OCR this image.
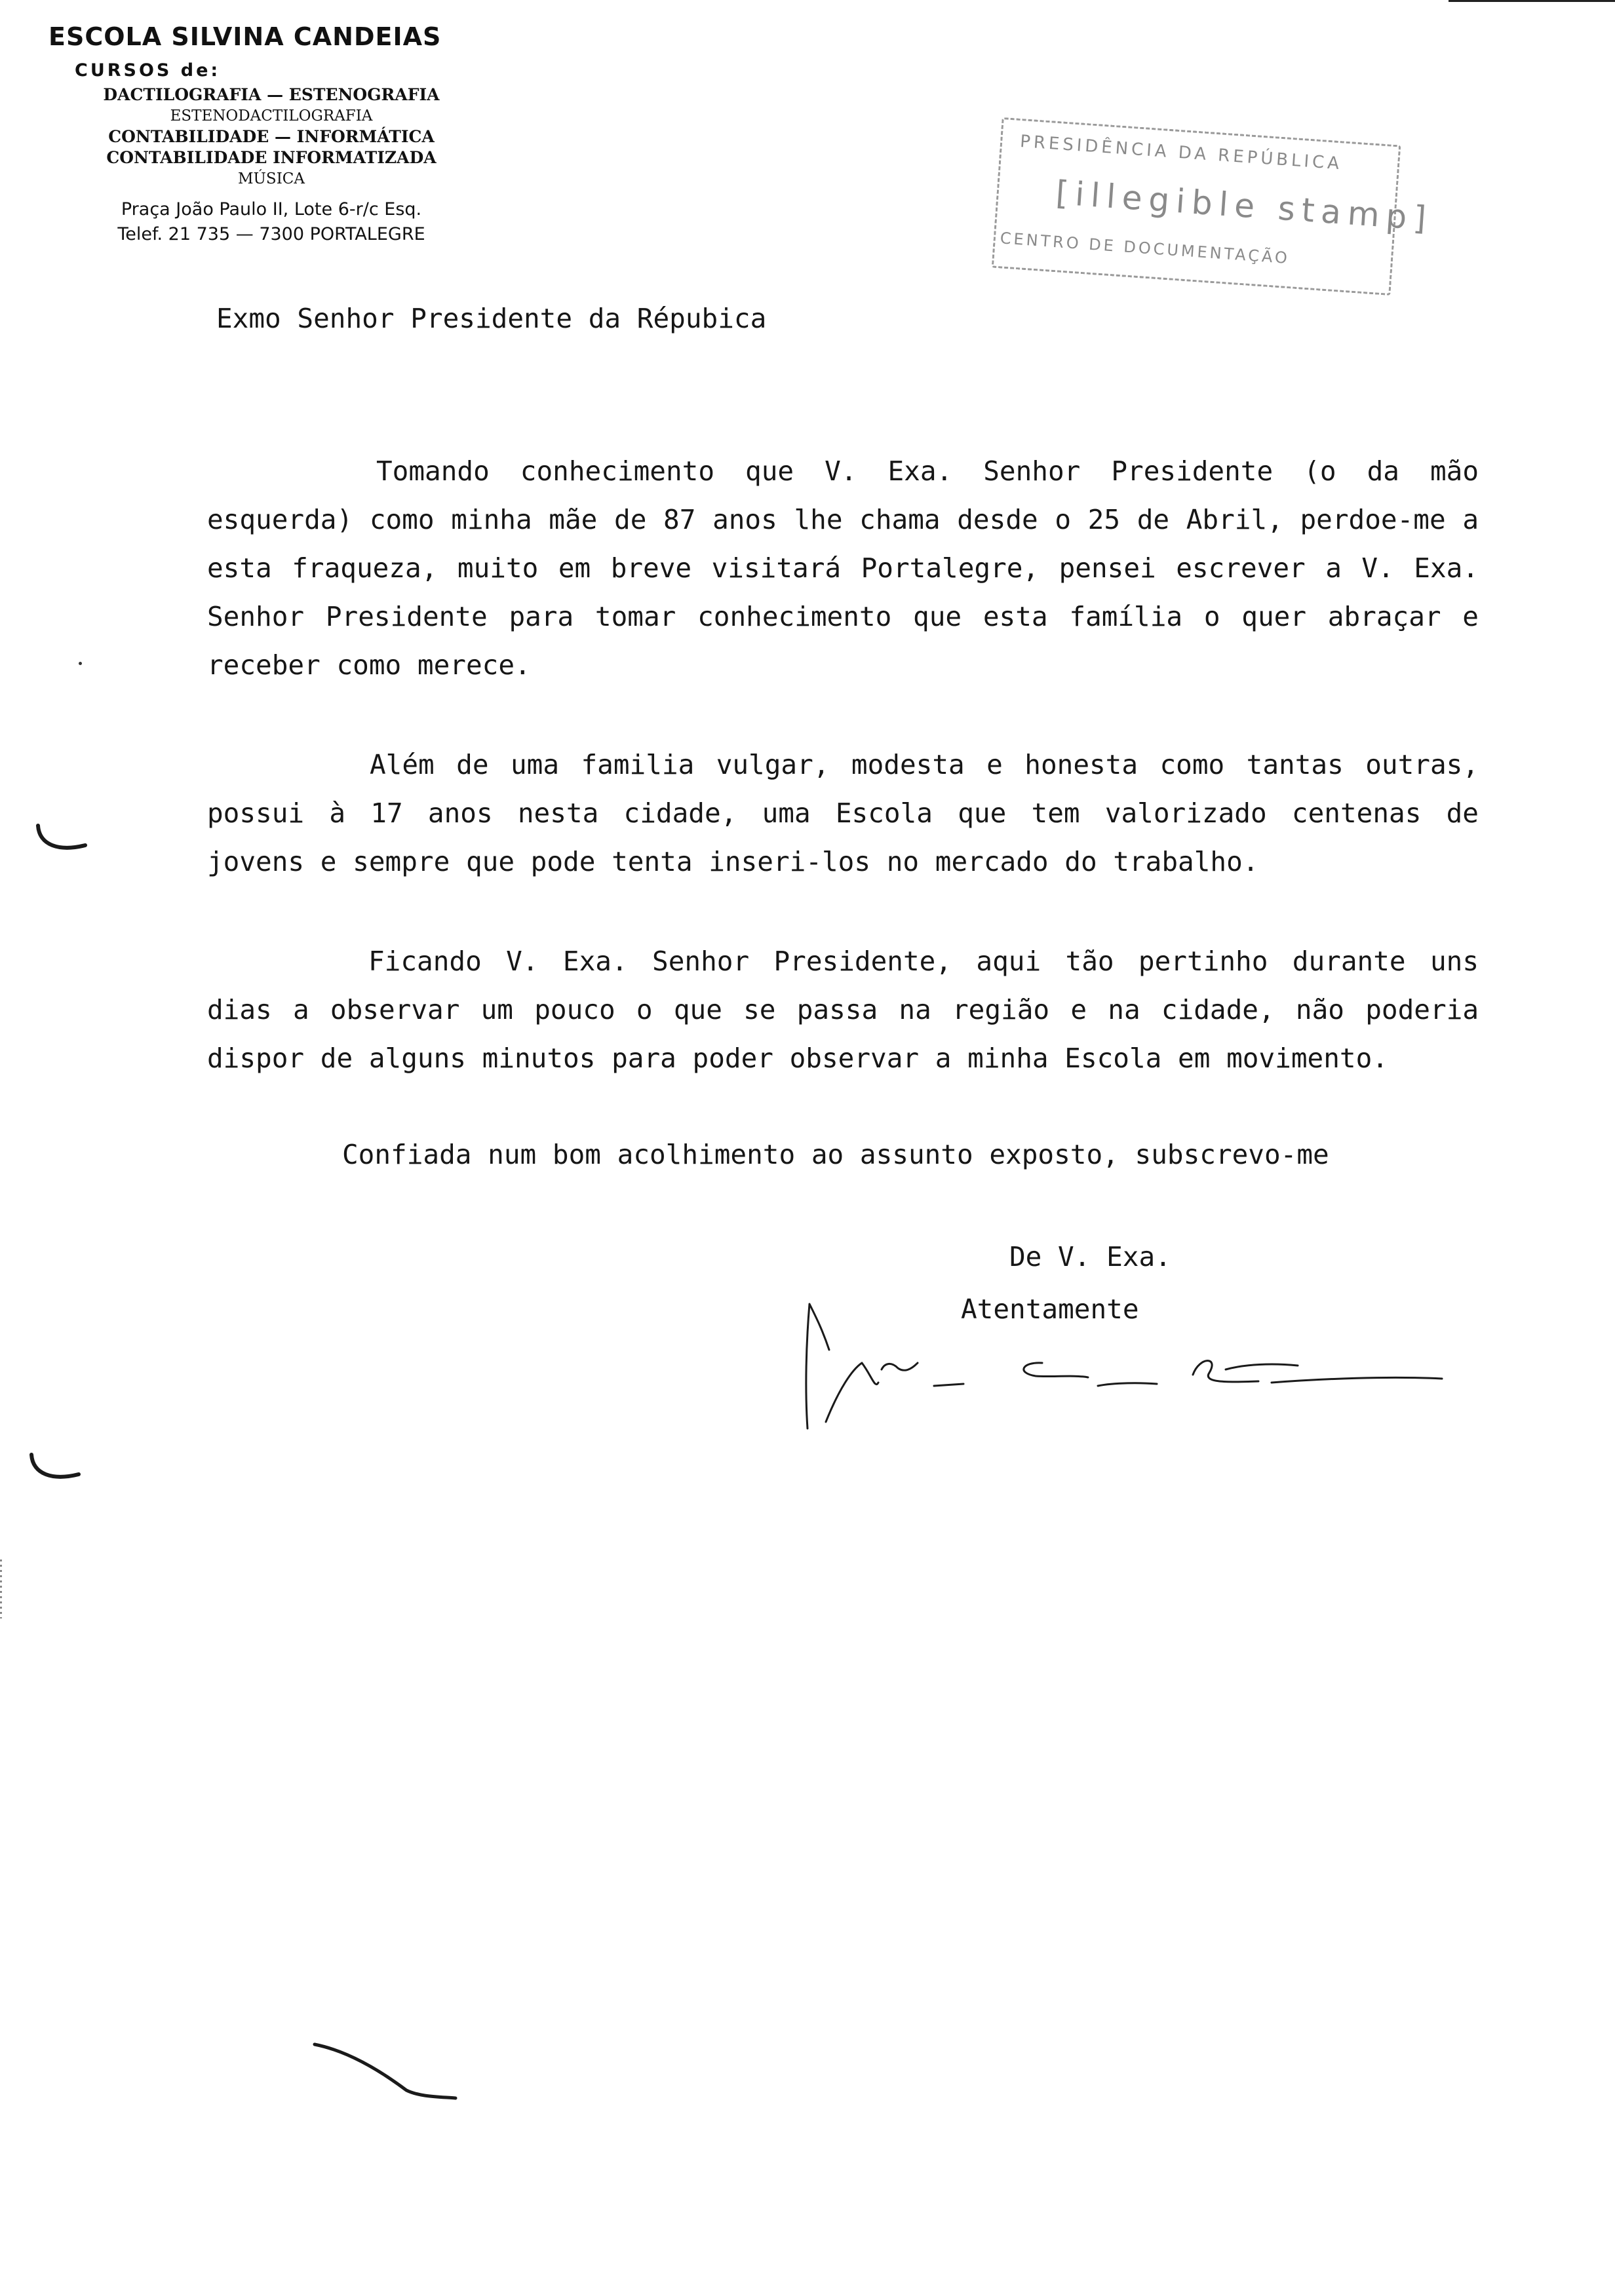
ESCOLA SILVINA CANDEIAS

CURSOS de:

DACTILOGRAFIA — ESTENOGRAFIA

ESTENODACTILOGRAFIA

CONTABILIDADE — INFORMÁTICA

CONTABILIDADE INFORMATIZADA

MÚSICA

Praça João Paulo II, Lote 6-r/c Esq.

Telef. 21 735 — 7300 PORTALEGRE

PRESIDÊNCIA DA REPÚBLICA
[illegible stamp]
CENTRO DE DOCUMENTAÇÃO

Exmo Senhor Presidente da Répubica

Tomando conhecimento que V. Exa. Senhor Presidente (o da mão esquerda) como minha mãe de 87 anos lhe chama desde o 25 de Abril, perdoe-me a esta fraqueza, muito em breve visitará Portalegre, pensei escrever a V. Exa. Senhor Presidente para tomar conhecimento que esta família o quer abraçar e receber como merece.

Além de uma familia vulgar, modesta e honesta como tantas outras, possui à 17 anos nesta cidade, uma Escola que tem valorizado centenas de jovens e sempre que pode tenta inseri-los no mercado do trabalho.

Ficando V. Exa. Senhor Presidente, aqui tão pertinho durante uns dias a observar um pouco o que se passa na região e na cidade, não poderia dispor de alguns minutos para poder observar a minha Escola em movimento.

Confiada num bom acolhimento ao assunto exposto, subscrevo-me

De V. Exa.

Atentamente
